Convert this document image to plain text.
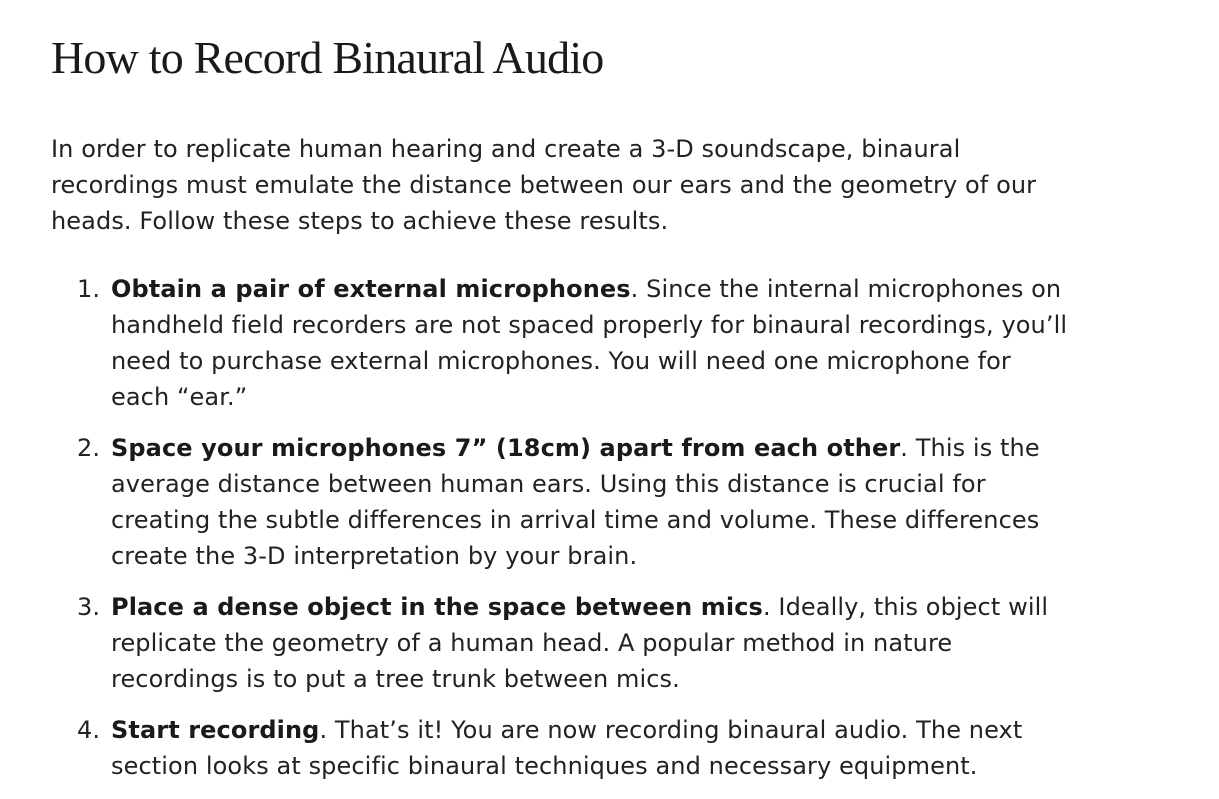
How to Record Binaural Audio

In order to replicate human hearing and create a 3-D soundscape, binaural recordings must emulate the distance between our ears and the geometry of our heads. Follow these steps to achieve these results.

1. Obtain a pair of external microphones. Since the internal microphones on handheld field recorders are not spaced properly for binaural recordings, you’ll need to purchase external microphones. You will need one microphone for each “ear.”
2. Space your microphones 7” (18cm) apart from each other. This is the average distance between human ears. Using this distance is crucial for creating the subtle differences in arrival time and volume. These differences create the 3-D interpretation by your brain.
3. Place a dense object in the space between mics. Ideally, this object will replicate the geometry of a human head. A popular method in nature recordings is to put a tree trunk between mics.
4. Start recording. That’s it! You are now recording binaural audio. The next section looks at specific binaural techniques and necessary equipment.
